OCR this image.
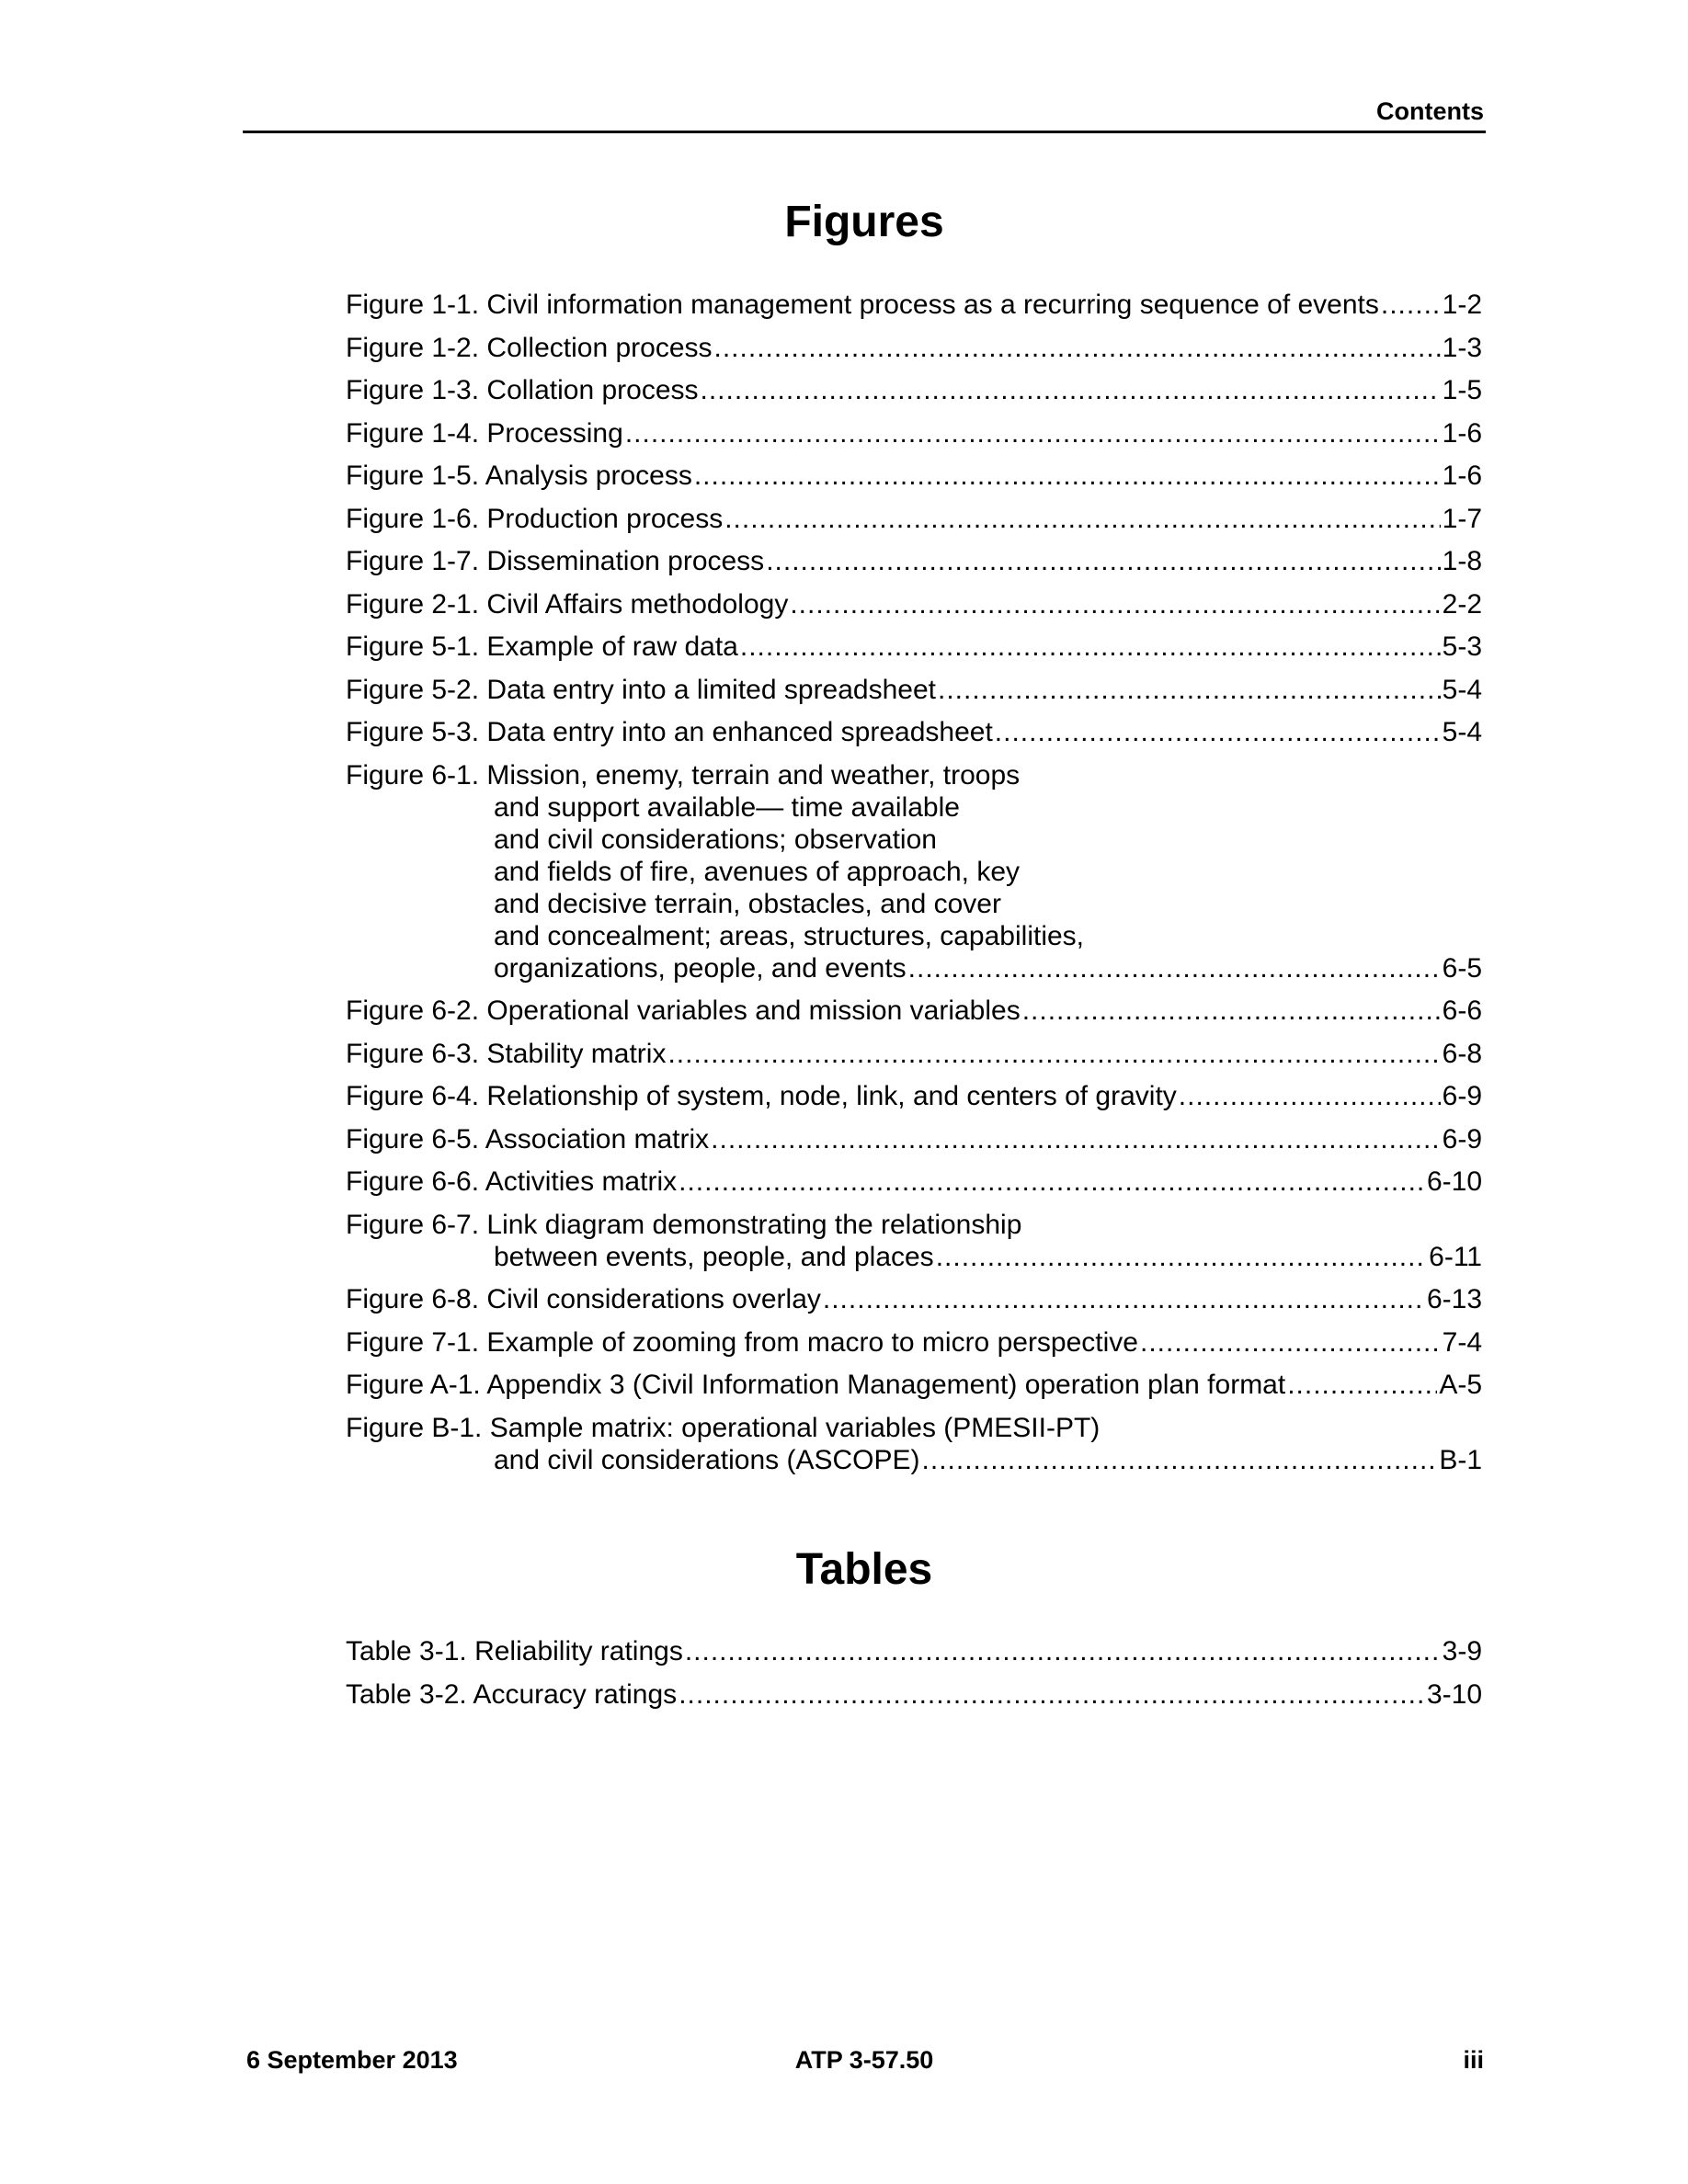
Contents
Figures
Figure 1-1. Civil information management process as a recurring sequence of events ..... 1-2
Figure 1-2. Collection process .....	1-3
Figure 1-3. Collation process .....	1-5
Figure 1-4. Processing .....	1-6
Figure 1-5. Analysis process .....	1-6
Figure 1-6. Production process .....	1-7
Figure 1-7. Dissemination process .....	1-8
Figure 2-1. Civil Affairs methodology .....	2-2
Figure 5-1. Example of raw data .....	5-3
Figure 5-2. Data entry into a limited spreadsheet .....	5-4
Figure 5-3. Data entry into an enhanced spreadsheet .....	5-4
Figure 6-1. Mission, enemy, terrain and weather, troops
and support available— time available
and civil considerations; observation
and fields of fire, avenues of approach, key
and decisive terrain, obstacles, and cover
and concealment; areas, structures, capabilities,
organizations, people, and events .....	6-5
Figure 6-2. Operational variables and mission variables .....	6-6
Figure 6-3. Stability matrix .....	6-8
Figure 6-4. Relationship of system, node, link, and centers of gravity .....	6-9
Figure 6-5. Association matrix .....	6-9
Figure 6-6. Activities matrix .....	6-10
Figure 6-7. Link diagram demonstrating the relationship
between events, people, and places .....	6-11
Figure 6-8. Civil considerations overlay .....	6-13
Figure 7-1. Example of zooming from macro to micro perspective .....	7-4
Figure A-1. Appendix 3 (Civil Information Management) operation plan format .....	A-5
Figure B-1. Sample matrix: operational variables (PMESII-PT)
and civil considerations (ASCOPE) .....	B-1
Tables
Table 3-1. Reliability ratings .....	3-9
Table 3-2. Accuracy ratings .....	3-10
6 September 2013	ATP 3-57.50	iii
